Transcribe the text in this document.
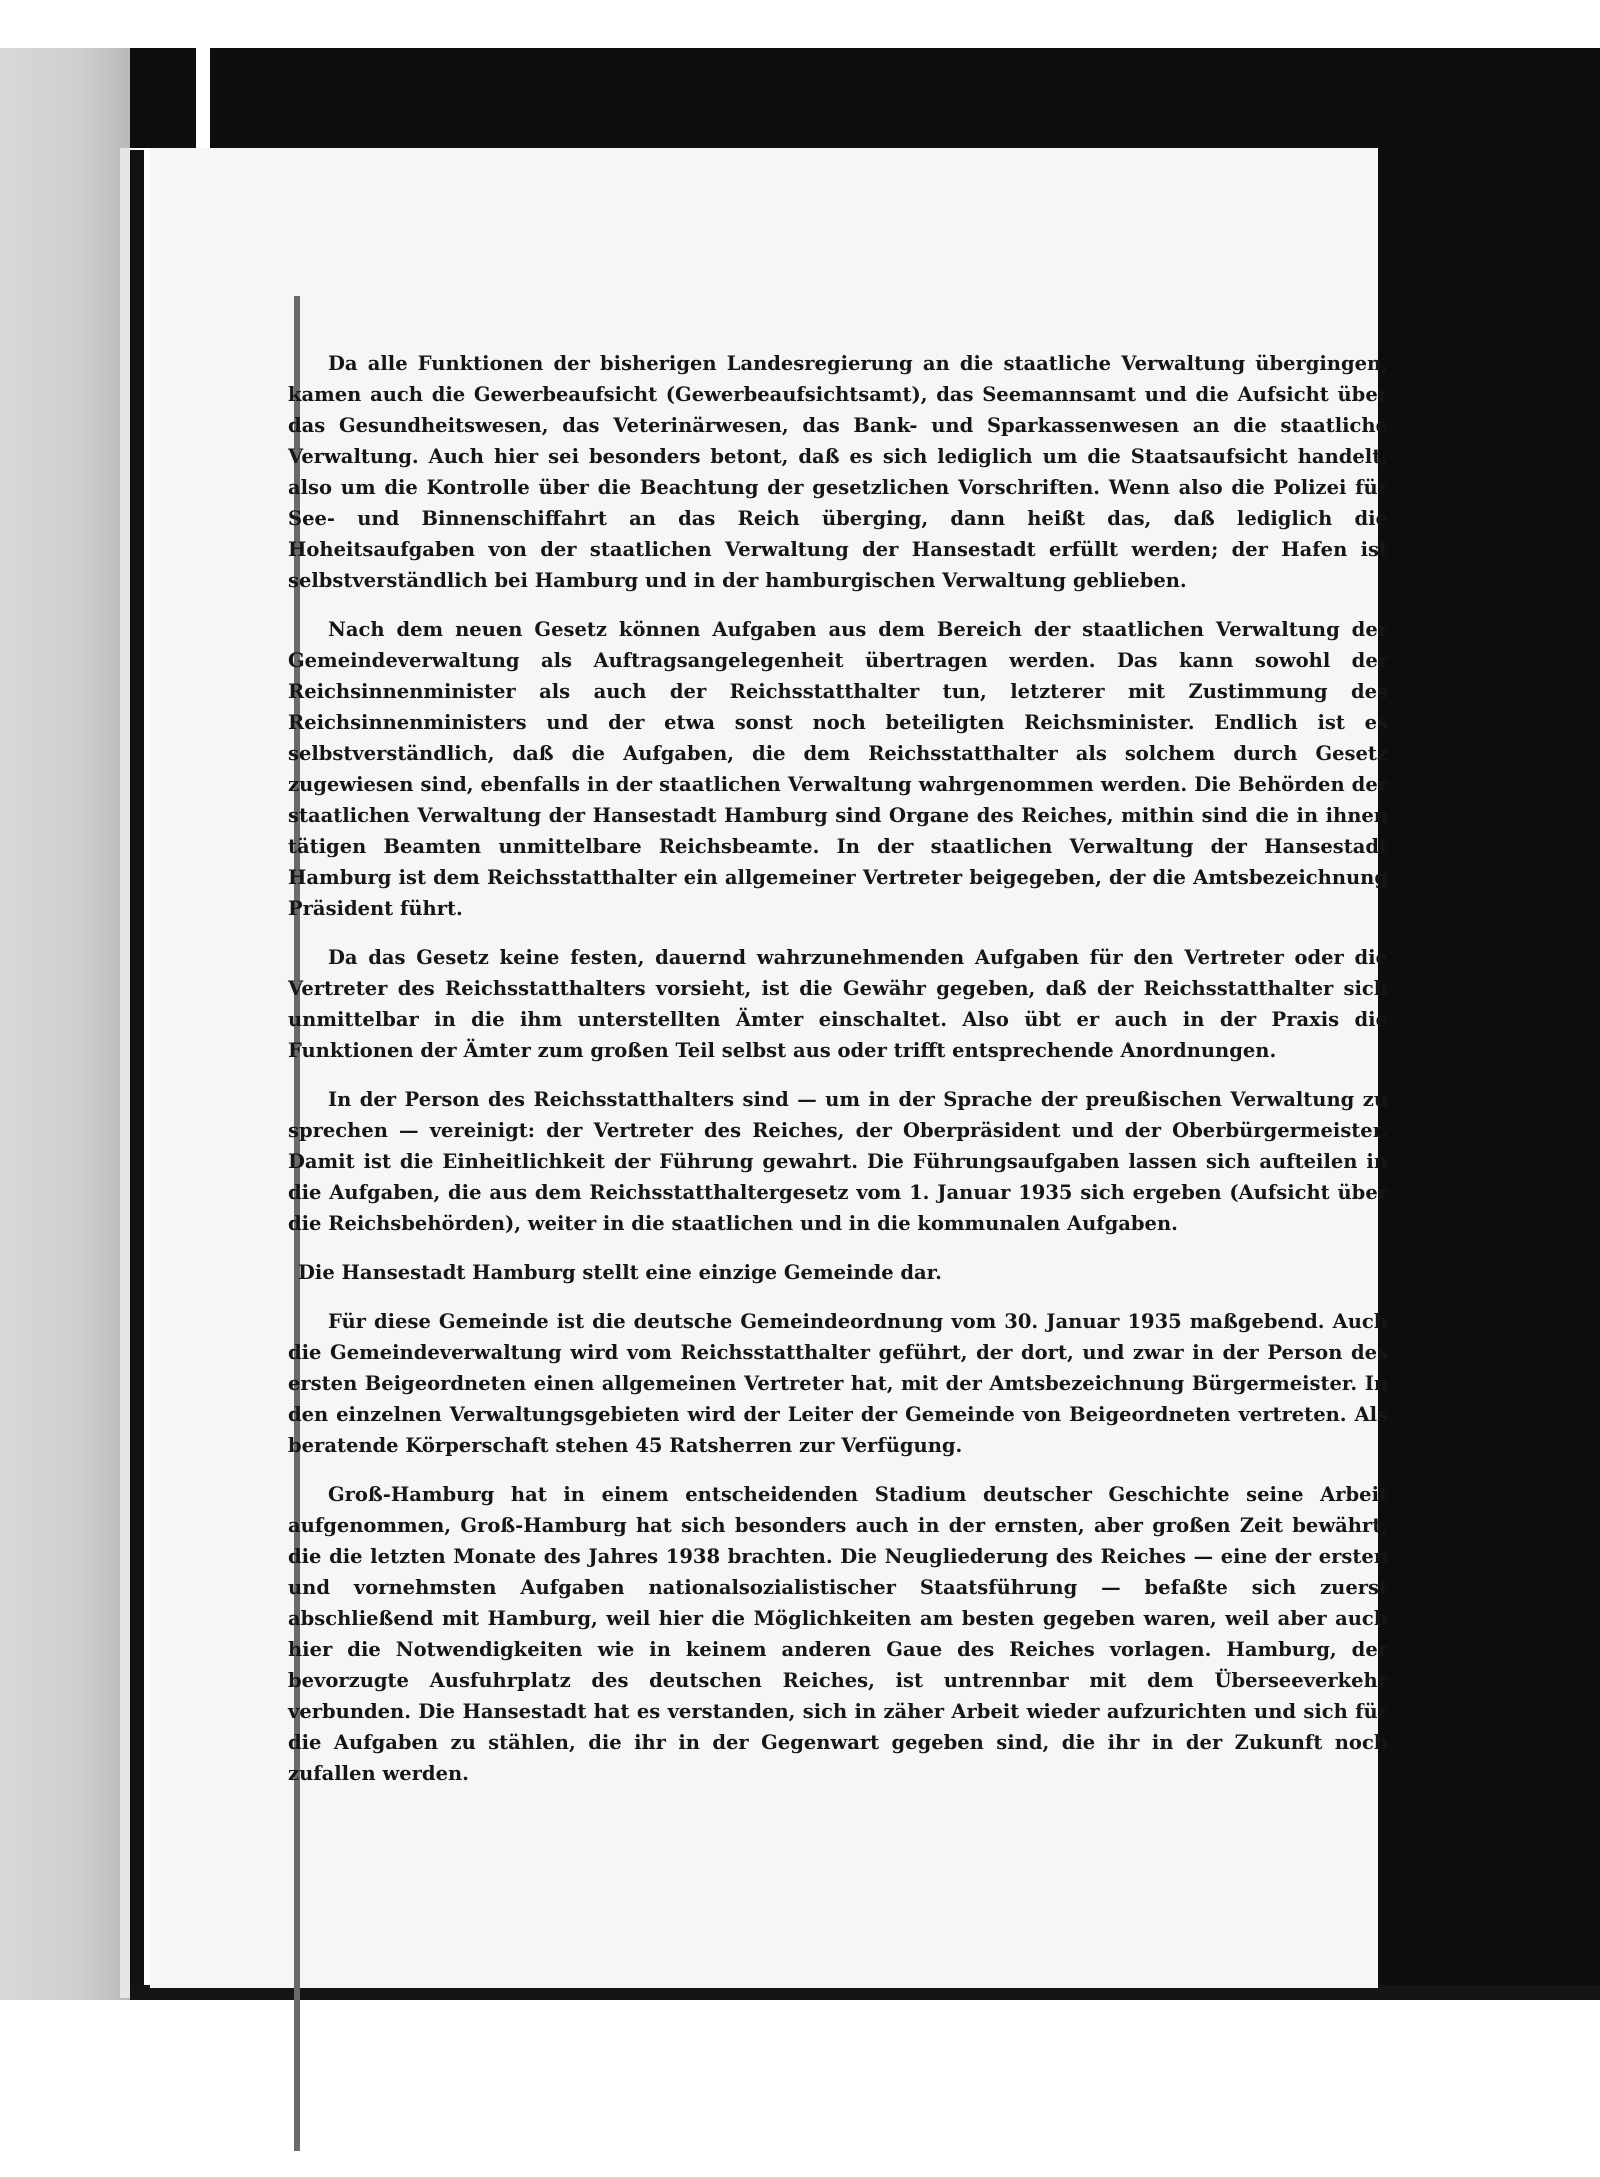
Da alle Funktionen der bisherigen Landesregierung an die staatliche Verwaltung übergingen, kamen auch die Gewerbeaufsicht (Gewerbeaufsichtsamt), das Seemannsamt und die Aufsicht über das Gesundheitswesen, das Veterinärwesen, das Bank- und Sparkassenwesen an die staatliche Verwaltung. Auch hier sei besonders betont, daß es sich lediglich um die Staatsaufsicht handelt, also um die Kontrolle über die Beachtung der gesetzlichen Vorschriften. Wenn also die Polizei für See- und Binnenschiffahrt an das Reich überging, dann heißt das, daß lediglich die Hoheitsaufgaben von der staatlichen Verwaltung der Hansestadt erfüllt werden; der Hafen ist selbstverständlich bei Hamburg und in der hamburgischen Verwaltung geblieben.

Nach dem neuen Gesetz können Aufgaben aus dem Bereich der staatlichen Verwaltung der Gemeindeverwaltung als Auftragsangelegenheit übertragen werden. Das kann sowohl der Reichsinnenminister als auch der Reichsstatthalter tun, letzterer mit Zustimmung des Reichsinnenministers und der etwa sonst noch beteiligten Reichsminister. Endlich ist es selbstverständlich, daß die Aufgaben, die dem Reichsstatthalter als solchem durch Gesetz zugewiesen sind, ebenfalls in der staatlichen Verwaltung wahrgenommen werden. Die Behörden der staatlichen Verwaltung der Hansestadt Hamburg sind Organe des Reiches, mithin sind die in ihnen tätigen Beamten unmittelbare Reichsbeamte. In der staatlichen Verwaltung der Hansestadt Hamburg ist dem Reichsstatthalter ein allgemeiner Vertreter beigegeben, der die Amtsbezeichnung Präsident führt.

Da das Gesetz keine festen, dauernd wahrzunehmenden Aufgaben für den Vertreter oder die Vertreter des Reichsstatthalters vorsieht, ist die Gewähr gegeben, daß der Reichsstatthalter sich unmittelbar in die ihm unterstellten Ämter einschaltet. Also übt er auch in der Praxis die Funktionen der Ämter zum großen Teil selbst aus oder trifft entsprechende Anordnungen.

In der Person des Reichsstatthalters sind — um in der Sprache der preußischen Verwaltung zu sprechen — vereinigt: der Vertreter des Reiches, der Oberpräsident und der Oberbürgermeister. Damit ist die Einheitlichkeit der Führung gewahrt. Die Führungsaufgaben lassen sich aufteilen in die Aufgaben, die aus dem Reichsstatthaltergesetz vom 1. Januar 1935 sich ergeben (Aufsicht über die Reichsbehörden), weiter in die staatlichen und in die kommunalen Aufgaben.

Die Hansestadt Hamburg stellt eine einzige Gemeinde dar.

Für diese Gemeinde ist die deutsche Gemeindeordnung vom 30. Januar 1935 maßgebend. Auch die Gemeindeverwaltung wird vom Reichsstatthalter geführt, der dort, und zwar in der Person des ersten Beigeordneten einen allgemeinen Vertreter hat, mit der Amtsbezeichnung Bürgermeister. In den einzelnen Verwaltungsgebieten wird der Leiter der Gemeinde von Beigeordneten vertreten. Als beratende Körperschaft stehen 45 Ratsherren zur Verfügung.

Groß-Hamburg hat in einem entscheidenden Stadium deutscher Geschichte seine Arbeit aufgenommen, Groß-Hamburg hat sich besonders auch in der ernsten, aber großen Zeit bewährt, die die letzten Monate des Jahres 1938 brachten. Die Neugliederung des Reiches — eine der ersten und vornehmsten Aufgaben nationalsozialistischer Staatsführung — befaßte sich zuerst abschließend mit Hamburg, weil hier die Möglichkeiten am besten gegeben waren, weil aber auch hier die Notwendigkeiten wie in keinem anderen Gaue des Reiches vorlagen. Hamburg, der bevorzugte Ausfuhrplatz des deutschen Reiches, ist untrennbar mit dem Überseeverkehr verbunden. Die Hansestadt hat es verstanden, sich in zäher Arbeit wieder aufzurichten und sich für die Aufgaben zu stählen, die ihr in der Gegenwart gegeben sind, die ihr in der Zukunft noch zufallen werden.
